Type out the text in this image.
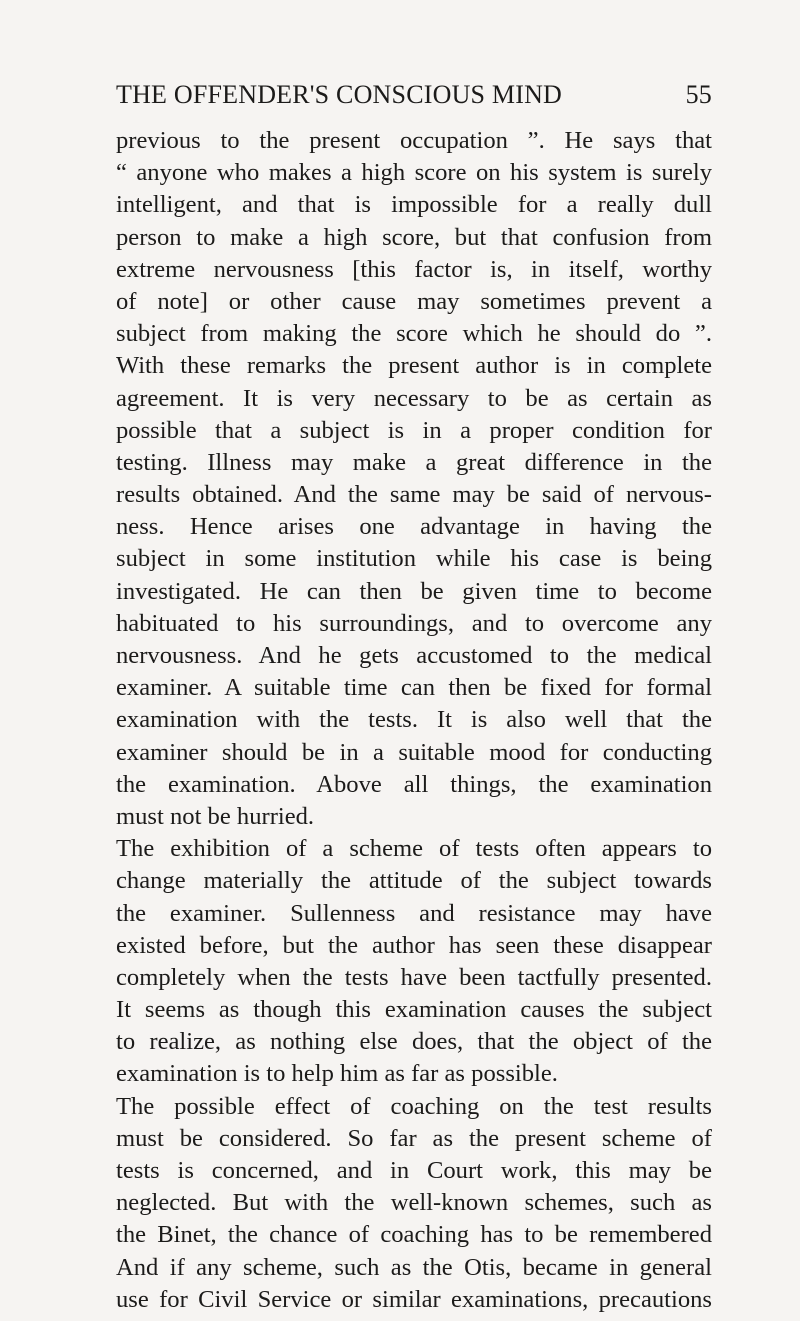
THE OFFENDER'S CONSCIOUS MIND	55
previous to the present occupation ”. He says that
“ anyone who makes a high score on his system is surely
intelligent, and that is impossible for a really dull
person to make a high score, but that confusion from
extreme nervousness [this factor is, in itself, worthy
of note] or other cause may sometimes prevent a
subject from making the score which he should do ”.
With these remarks the present author is in complete
agreement. It is very necessary to be as certain as
possible that a subject is in a proper condition for
testing. Illness may make a great difference in the
results obtained. And the same may be said of nervous-
ness. Hence arises one advantage in having the
subject in some institution while his case is being
investigated. He can then be given time to become
habituated to his surroundings, and to overcome any
nervousness. And he gets accustomed to the medical
examiner. A suitable time can then be fixed for formal
examination with the tests. It is also well that the
examiner should be in a suitable mood for conducting
the examination. Above all things, the examination
must not be hurried.
The exhibition of a scheme of tests often appears to
change materially the attitude of the subject towards
the examiner. Sullenness and resistance may have
existed before, but the author has seen these disappear
completely when the tests have been tactfully presented.
It seems as though this examination causes the subject
to realize, as nothing else does, that the object of the
examination is to help him as far as possible.
The possible effect of coaching on the test results
must be considered. So far as the present scheme of
tests is concerned, and in Court work, this may be
neglected. But with the well-known schemes, such as
the Binet, the chance of coaching has to be remembered
And if any scheme, such as the Otis, became in general
use for Civil Service or similar examinations, precautions
